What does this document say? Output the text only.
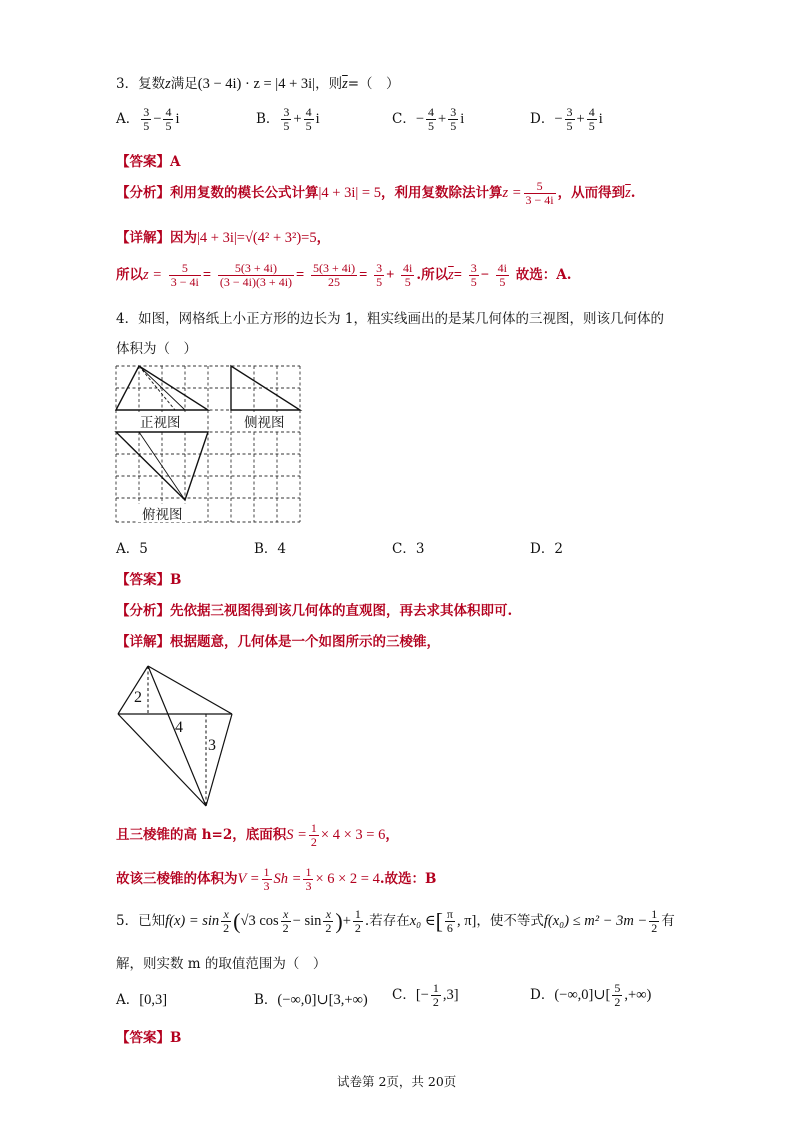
3．复数z满足(3 − 4i) · z = |4 + 3i|，则$\overline{z}=$（　）
A． $\frac{3}{5} - \frac{4}{5}$ i	B． $\frac{3}{5} + \frac{4}{5}$ i	C．− $\frac{4}{5} + \frac{3}{5}$ i	D．− $\frac{3}{5} + \frac{4}{5}$ i
【答案】A
【分析】利用复数的模长公式计算|4 + 3i| = 5，利用复数除法计算$z = \frac{5}{3 - 4i}$ ，从而得到$\overline{z}$.
【详解】因为|4 + 3i|=√(4² + 3²)=5，
所以$z = \frac{5}{3 - 4i} = \frac{5(3 + 4i)}{(3 - 4i)(3 + 4i)} = \frac{5(3 + 4i)}{25} = \frac{3}{5} + \frac{4i}{5}$ .所以$\overline{z}= \frac{3}{5} - \frac{4i}{5}$ 故选：A.
4．如图，网格纸上小正方形的边长为 1，粗实线画出的是某几何体的三视图，则该几何体的
体积为（　）
正视图	侧视图
俯视图
A．5	B．4	C．3	D．2
【答案】B
【分析】先依据三视图得到该几何体的直观图，再去求其体积即可.
【详解】根据题意，几何体是一个如图所示的三棱锥，
2
4
3
且三棱锥的高 h=2，底面积$S = \frac{1}{2} \times 4 \times 3 = 6$，
故该三棱锥的体积为$V = \frac{1}{3}$ $Sh = \frac{1}{3} \times 6 \times 2 = 4$.故选：B
5．已知$f(x) = \sin \frac{x}{2} (√3$ $\cos \frac{x}{2} - \sin \frac{x}{2}$ )+ $\frac{1}{2}$ .若存在x₀ ∈[ $\frac{\pi}{6}$ , π]，使不等式$f(x_0) \le m^2 - 3m - \frac{1}{2}$ 有
解，则实数 m 的取值范围为（　）
A．[0,3]	B．(−∞,0]∪[3,+∞) C．[− $\frac{1}{2} ,3$]	D．(−∞,0]∪[ $\frac{5}{2}$ ,+∞)
【答案】B
试卷第 2页，共 20页
